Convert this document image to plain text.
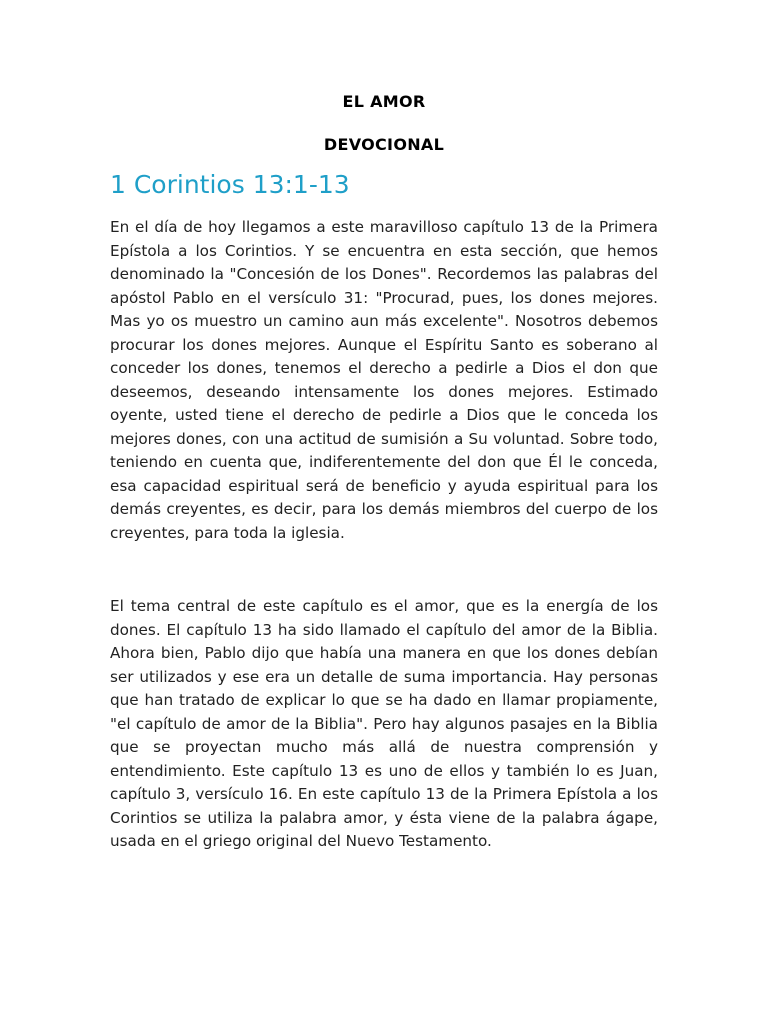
EL AMOR
DEVOCIONAL
1 Corintios 13:1-13

En el día de hoy llegamos a este maravilloso capítulo 13 de la Primera Epístola a los Corintios. Y se encuentra en esta sección, que hemos denominado la "Concesión de los Dones". Recordemos las palabras del apóstol Pablo en el versículo 31: "Procurad, pues, los dones mejores. Mas yo os muestro un camino aun más excelente". Nosotros debemos procurar los dones mejores. Aunque el Espíritu Santo es soberano al conceder los dones, tenemos el derecho a pedirle a Dios el don que deseemos, deseando intensamente los dones mejores. Estimado oyente, usted tiene el derecho de pedirle a Dios que le conceda los mejores dones, con una actitud de sumisión a Su voluntad. Sobre todo, teniendo en cuenta que, indiferentemente del don que Él le conceda, esa capacidad espiritual será de beneficio y ayuda espiritual para los demás creyentes, es decir, para los demás miembros del cuerpo de los creyentes, para toda la iglesia.

El tema central de este capítulo es el amor, que es la energía de los dones. El capítulo 13 ha sido llamado el capítulo del amor de la Biblia. Ahora bien, Pablo dijo que había una manera en que los dones debían ser utilizados y ese era un detalle de suma importancia. Hay personas que han tratado de explicar lo que se ha dado en llamar propiamente, "el capítulo de amor de la Biblia". Pero hay algunos pasajes en la Biblia que se proyectan mucho más allá de nuestra comprensión y entendimiento. Este capítulo 13 es uno de ellos y también lo es Juan, capítulo 3, versículo 16. En este capítulo 13 de la Primera Epístola a los Corintios se utiliza la palabra amor, y ésta viene de la palabra ágape, usada en el griego original del Nuevo Testamento.
